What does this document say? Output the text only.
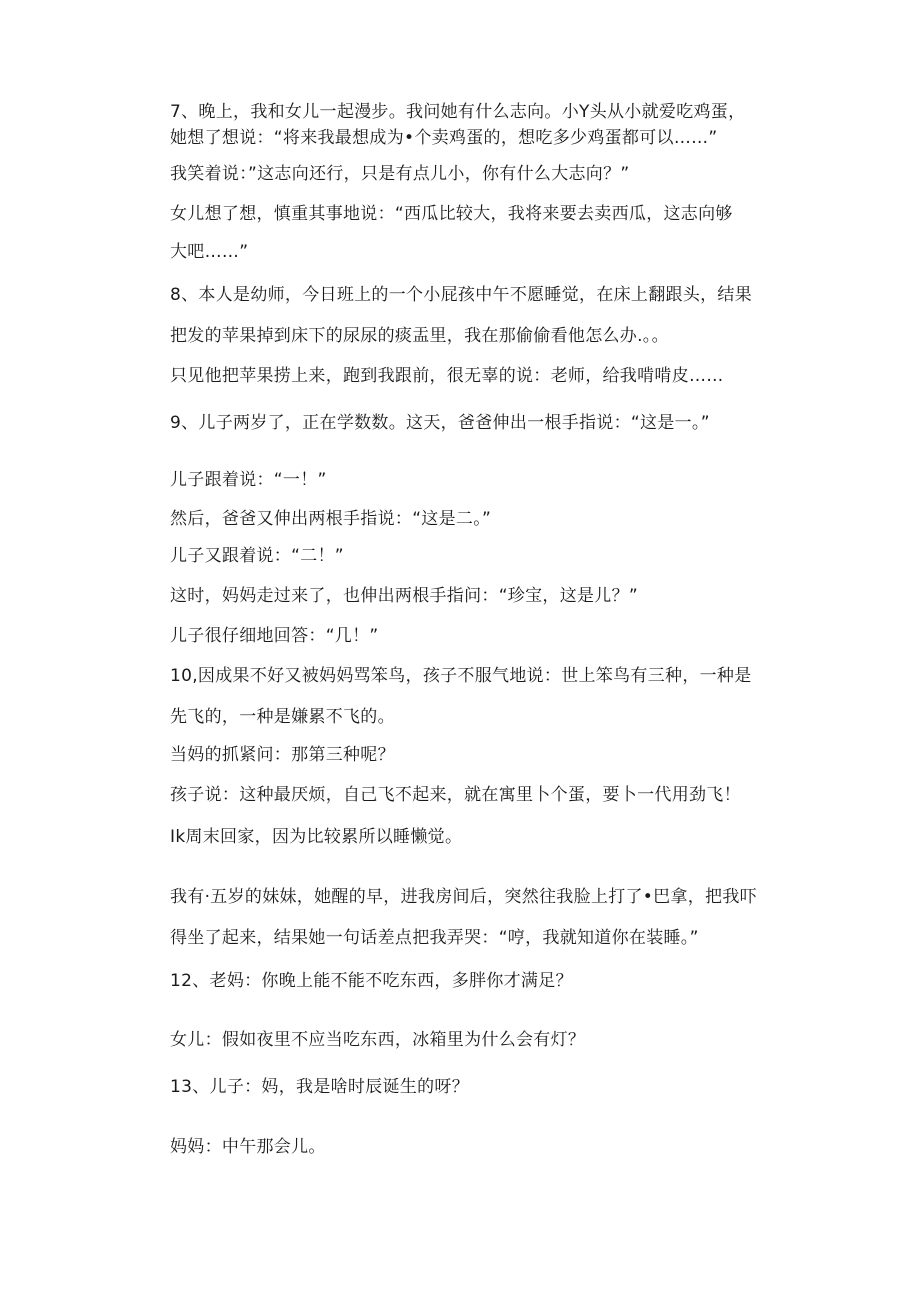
7、晚上，我和女儿一起漫步。我问她有什么志向。小Y头从小就爱吃鸡蛋，
她想了想说：“将来我最想成为•个卖鸡蛋的，想吃多少鸡蛋都可以……”
我笑着说：”这志向还行，只是有点儿小，你有什么大志向？”
女儿想了想，慎重其事地说：“西瓜比较大，我将来要去卖西瓜，这志向够
大吧……”
8、本人是幼师，今日班上的一个小屁孩中午不愿睡觉，在床上翻跟头，结果
把发的苹果掉到床下的尿尿的痰盂里，我在那偷偷看他怎么办.。。
只见他把苹果捞上来，跑到我跟前，很无辜的说：老师，给我啃啃皮……
9、儿子两岁了，正在学数数。这天，爸爸伸出一根手指说：“这是一。”
儿子跟着说：“一！”
然后，爸爸又伸出两根手指说：“这是二。”
儿子又跟着说：“二！”
这时，妈妈走过来了，也伸出两根手指问：“珍宝，这是儿？”
儿子很仔细地回答：“几！”
10,因成果不好又被妈妈骂笨鸟，孩子不服气地说：世上笨鸟有三种，一种是
先飞的，一种是嫌累不飞的。
当妈的抓紧问：那第三种呢？
孩子说：这种最厌烦，自己飞不起来，就在寓里卜个蛋，要卜一代用劲飞！
Ik周末回家，因为比较累所以睡懒觉。
我有·五岁的妹妹，她醒的早，进我房间后，突然往我脸上打了•巴拿，把我吓
得坐了起来，结果她一句话差点把我弄哭：“哼，我就知道你在装睡。”
12、老妈：你晚上能不能不吃东西，多胖你才满足？
女儿：假如夜里不应当吃东西，冰箱里为什么会有灯？
13、儿子：妈，我是啥时辰诞生的呀？
妈妈：中午那会儿。
